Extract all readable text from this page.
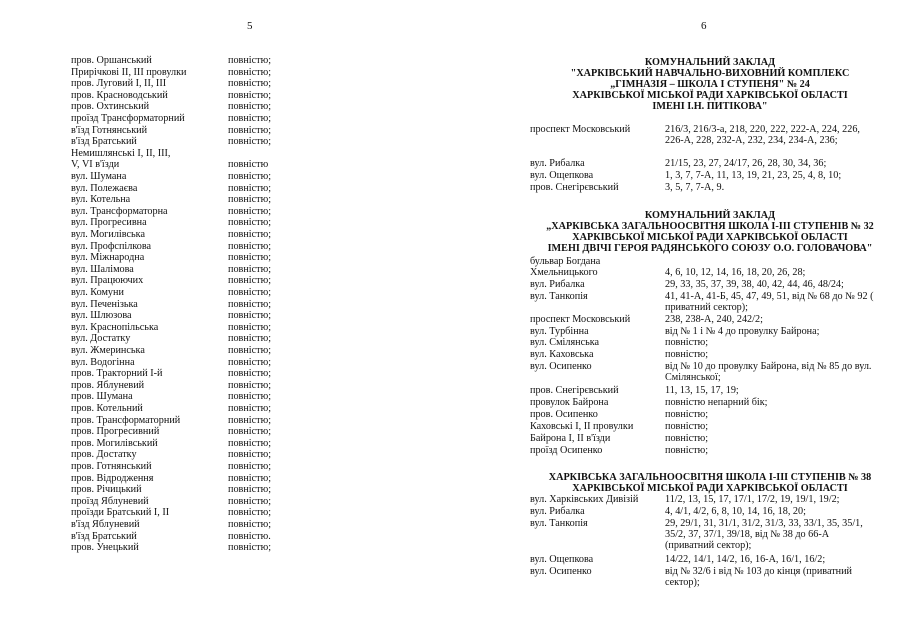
5
пров. Оршанський	повністю;
Прирічкові II, III провулки	повністю;
пров. Луговий I, II, III	повністю;
пров. Красноводський	повністю;
пров. Охтинський	повністю;
проїзд Трансформаторний	повністю;
в'їзд Готнянський	повністю;
в'їзд Братський	повністю;
Немишлянські I, II, III,
V, VI в'їзди	повністю
вул. Шумана	повністю;
вул. Полежаєва	повністю;
вул. Котельна	повністю;
вул. Трансформаторна	повністю;
вул. Прогресивна	повністю;
вул. Могилівська	повністю;
вул. Профспілкова	повністю;
вул. Міжнародна	повністю;
вул. Шалімова	повністю;
вул. Працюючих	повністю;
вул. Комуни	повністю;
вул. Печенізька	повністю;
вул. Шлюзова	повністю;
вул. Краснопільська	повністю;
вул. Достатку	повністю;
вул. Жмеринська	повністю;
вул. Водогінна	повністю;
пров. Тракторний I-й	повністю;
пров. Яблуневий	повністю;
пров. Шумана	повністю;
пров. Котельний	повністю;
пров. Трансформаторний	повністю;
пров. Прогресивний	повністю;
пров. Могилівський	повністю;
пров. Достатку	повністю;
пров. Готнянський	повністю;
пров. Відродження	повністю;
пров. Річицький	повністю;
проїзд Яблуневий	повністю;
проїзди Братський I, II	повністю;
в'їзд Яблуневий	повністю;
в'їзд Братський	повністю.
пров. Унецький	повністю;
6
КОМУНАЛЬНИЙ ЗАКЛАД
"ХАРКІВСЬКИЙ НАВЧАЛЬНО-ВИХОВНИЙ КОМПЛЕКС
„ГІМНАЗІЯ – ШКОЛА I СТУПЕНЯ" № 24
ХАРКІВСЬКОЇ МІСЬКОЇ РАДИ ХАРКІВСЬКОЇ ОБЛАСТІ
ІМЕНІ І.Н. ПИТІКОВА"
проспект Московський	216/3, 216/3-а, 218, 220, 222, 222-А, 224, 226, 226-А, 228, 232-А, 232, 234, 234-А, 236;
вул. Рибалка	21/15, 23, 27, 24/17, 26, 28, 30, 34, 36;
вул. Ощепкова	1, 3, 7, 7-А, 11, 13, 19, 21, 23, 25, 4, 8, 10;
пров. Снегірєвський	3, 5, 7, 7-А, 9.
КОМУНАЛЬНИЙ ЗАКЛАД
„ХАРКІВСЬКА ЗАГАЛЬНООСВІТНЯ ШКОЛА I-III СТУПЕНІВ № 32
ХАРКІВСЬКОЇ МІСЬКОЇ РАДИ ХАРКІВСЬКОЇ ОБЛАСТІ
ІМЕНІ ДВІЧІ ГЕРОЯ РАДЯНСЬКОГО СОЮЗУ О.О. ГОЛОВАЧОВА"
бульвар Богдана
Хмельницького	4, 6, 10, 12, 14, 16, 18, 20, 26, 28;
вул. Рибалка	29, 33, 35, 37, 39, 38, 40, 42, 44, 46, 48/24;
вул. Танкопія	41, 41-А, 41-Б, 45, 47, 49, 51, від № 68 до № 92 ( приватний сектор);
проспект Московський	238, 238-А, 240, 242/2;
вул. Турбінна	від № 1 і № 4 до провулку Байрона;
вул. Смілянська	повністю;
вул. Каховська	повністю;
вул. Осипенко	від № 10 до провулку Байрона, від № 85 до вул. Смілянської;
пров. Снегірєвський	11, 13, 15, 17, 19;
провулок Байрона	повністю непарний бік;
пров. Осипенко	повністю;
Каховські I, II провулки	повністю;
Байрона I, II в'їзди	повністю;
проїзд Осипенко	повністю;
ХАРКІВСЬКА ЗАГАЛЬНООСВІТНЯ ШКОЛА I-III СТУПЕНІВ № 38
ХАРКІВСЬКОЇ МІСЬКОЇ РАДИ ХАРКІВСЬКОЇ ОБЛАСТІ
вул. Харківських Дивізій	11/2, 13, 15, 17, 17/1, 17/2, 19, 19/1, 19/2;
вул. Рибалка	4, 4/1, 4/2, 6, 8, 10, 14, 16, 18, 20;
вул. Танкопія	29, 29/1, 31, 31/1, 31/2, 31/3, 33, 33/1, 35, 35/1, 35/2, 37, 37/1, 39/18, від № 38 до 66-А (приватний сектор);
вул. Ощепкова	14/22, 14/1, 14/2, 16, 16-А, 16/1, 16/2;
вул. Осипенко	від № 32/6 і від № 103 до кінця (приватний сектор);
